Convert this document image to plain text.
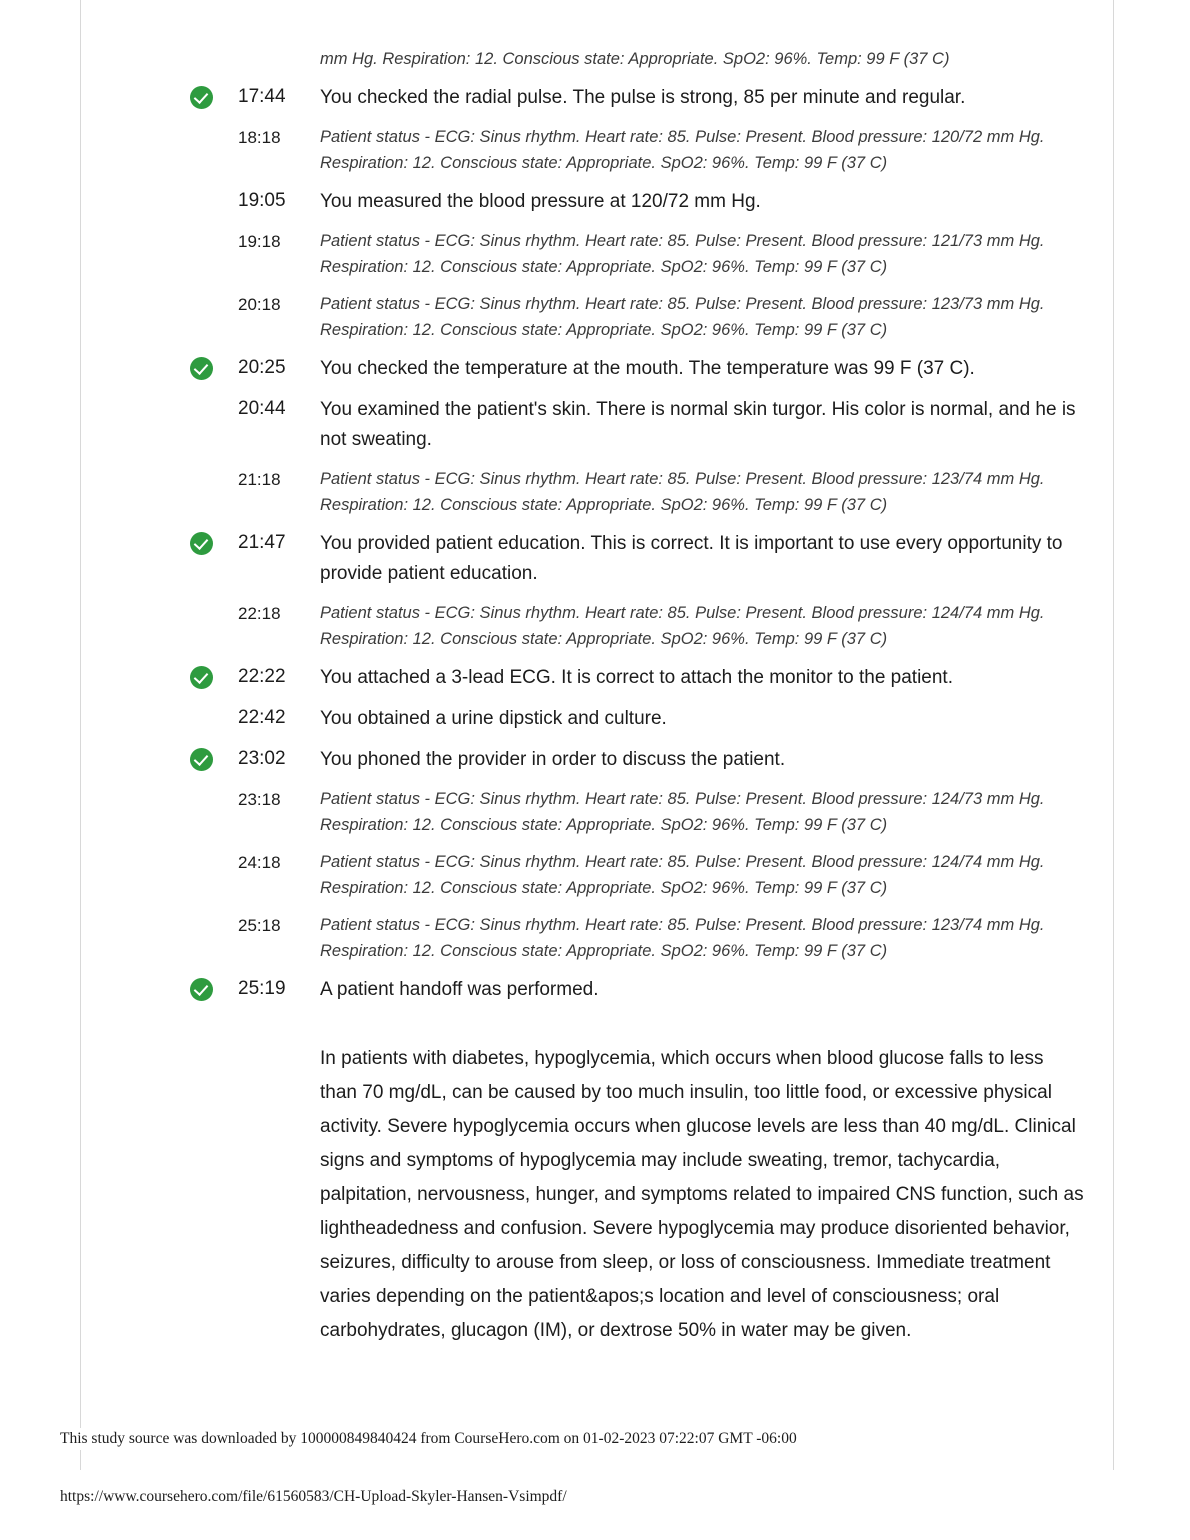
mm Hg. Respiration: 12. Conscious state: Appropriate. SpO2: 96%. Temp: 99 F (37 C)
17:44	You checked the radial pulse. The pulse is strong, 85 per minute and regular.
18:18	Patient status - ECG: Sinus rhythm. Heart rate: 85. Pulse: Present. Blood pressure: 120/72 mm Hg. Respiration: 12. Conscious state: Appropriate. SpO2: 96%. Temp: 99 F (37 C)
19:05	You measured the blood pressure at 120/72 mm Hg.
19:18	Patient status - ECG: Sinus rhythm. Heart rate: 85. Pulse: Present. Blood pressure: 121/73 mm Hg. Respiration: 12. Conscious state: Appropriate. SpO2: 96%. Temp: 99 F (37 C)
20:18	Patient status - ECG: Sinus rhythm. Heart rate: 85. Pulse: Present. Blood pressure: 123/73 mm Hg. Respiration: 12. Conscious state: Appropriate. SpO2: 96%. Temp: 99 F (37 C)
20:25	You checked the temperature at the mouth. The temperature was 99 F (37 C).
20:44	You examined the patient's skin. There is normal skin turgor. His color is normal, and he is not sweating.
21:18	Patient status - ECG: Sinus rhythm. Heart rate: 85. Pulse: Present. Blood pressure: 123/74 mm Hg. Respiration: 12. Conscious state: Appropriate. SpO2: 96%. Temp: 99 F (37 C)
21:47	You provided patient education. This is correct. It is important to use every opportunity to provide patient education.
22:18	Patient status - ECG: Sinus rhythm. Heart rate: 85. Pulse: Present. Blood pressure: 124/74 mm Hg. Respiration: 12. Conscious state: Appropriate. SpO2: 96%. Temp: 99 F (37 C)
22:22	You attached a 3-lead ECG. It is correct to attach the monitor to the patient.
22:42	You obtained a urine dipstick and culture.
23:02	You phoned the provider in order to discuss the patient.
23:18	Patient status - ECG: Sinus rhythm. Heart rate: 85. Pulse: Present. Blood pressure: 124/73 mm Hg. Respiration: 12. Conscious state: Appropriate. SpO2: 96%. Temp: 99 F (37 C)
24:18	Patient status - ECG: Sinus rhythm. Heart rate: 85. Pulse: Present. Blood pressure: 124/74 mm Hg. Respiration: 12. Conscious state: Appropriate. SpO2: 96%. Temp: 99 F (37 C)
25:18	Patient status - ECG: Sinus rhythm. Heart rate: 85. Pulse: Present. Blood pressure: 123/74 mm Hg. Respiration: 12. Conscious state: Appropriate. SpO2: 96%. Temp: 99 F (37 C)
25:19	A patient handoff was performed.
In patients with diabetes, hypoglycemia, which occurs when blood glucose falls to less than 70 mg/dL, can be caused by too much insulin, too little food, or excessive physical activity. Severe hypoglycemia occurs when glucose levels are less than 40 mg/dL. Clinical signs and symptoms of hypoglycemia may include sweating, tremor, tachycardia, palpitation, nervousness, hunger, and symptoms related to impaired CNS function, such as lightheadedness and confusion. Severe hypoglycemia may produce disoriented behavior, seizures, difficulty to arouse from sleep, or loss of consciousness. Immediate treatment varies depending on the patient&apos;s location and level of consciousness; oral carbohydrates, glucagon (IM), or dextrose 50% in water may be given.
This study source was downloaded by 100000849840424 from CourseHero.com on 01-02-2023 07:22:07 GMT -06:00
https://www.coursehero.com/file/61560583/CH-Upload-Skyler-Hansen-Vsimpdf/
